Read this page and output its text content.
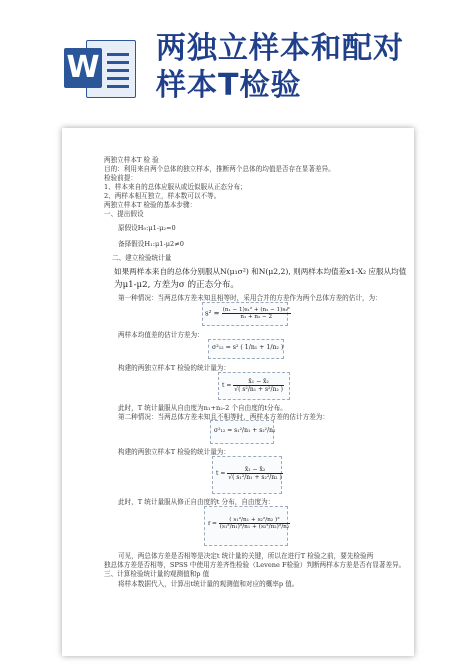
W
两独立样本和配对
样本T检验
两独立样本T 检 验
目的：利用来自两个总体的独立样本，推断两个总体的均值是否存在显著差异。
检验前提：
1、样本来自的总体应服从或近似服从正态分布；
2、两样本相互独立，样本数可以不等。
两独立样本T 检验的基本步骤：
一、提出假设
原假设H₀:μ1-μ₂=0
备择假设H₁:μ1-μ2≠0
二、建立检验统计量
如果两样本来自的总体分别服从N(μ₁σ²) 和N(μ2,2), 则两样本均值差x1-X₂ 应服从均值
为μ1-μ2, 方差为σ 的正态分布。
第一种情况：当两总体方差未知且相等时，采用合并的方差作为两个总体方差的估计，为：
$s^2 = \frac{\text{(n₁ − 1)s₁² + (n₂ − 1)s₂²}}{\text{n₁ + n₂ − 2}}$
两样本均值差的估计方差为：
σ²₁₂ = s² ( 1/n₁ + 1/n₂ )
构建的两独立样本T 检验的统计量为：
$t = \frac{\text{x̄₁ − x̄₂}}{\text{√( s²/n₁ + s²/n₂ )}}$
此时，T 统计量服从自由度为n₁+n₂-2 个自由度的t分布。
第二种情况：当两总体方差未知且不相等时，两样本方差的估计方差为：
σ²₁₂ = s₁²/n₁ + s₂²/n₂
构建的两独立样本T 检验的统计量为：
$t = \frac{\text{x̄₁ − x̄₂}}{\text{√( s₁²/n₁ + s₂²/n₂ )}}$
此时，T 统计量服从修正自由度的t 分布，自由度为：
$f = \frac{\text{( s₁²/n₁ + s₂²/n₂ )²}}{\text{(s₁²/n₁)²/n₁ + (s₂²/n₂)²/n₂}}$
可见，两总体方差是否相等是决定t 统计量的关键，所以在进行T 检验之前，要先检验两
独总体方差是否相等，SPSS 中使用方差齐性检验（Levene F检验）判断两样本方差是否有显著差异。
三、计算检验统计量的观测值和p 值
将样本数据代入，计算出t统计量的观测值和对应的概率p 值。
